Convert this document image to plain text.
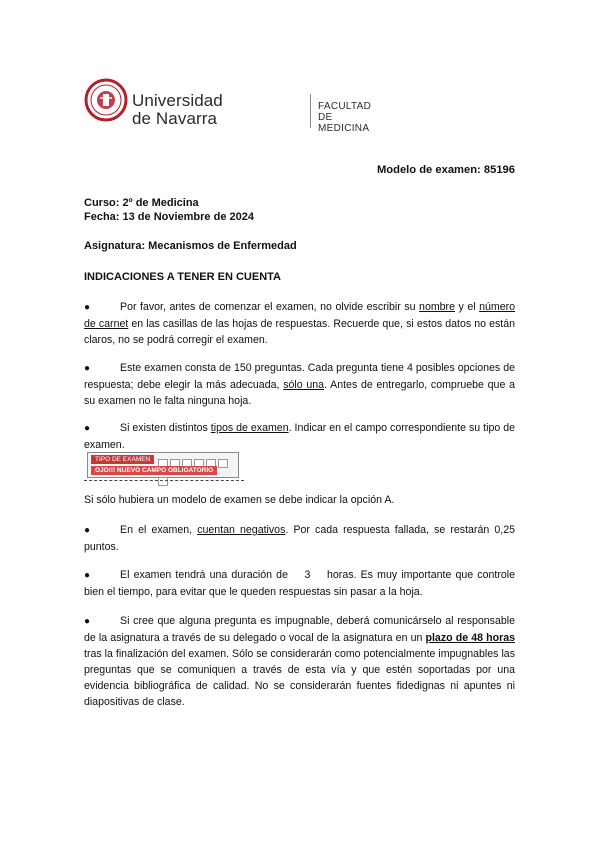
Universidad
de Navarra
FACULTAD DE
MEDICINA
Modelo de examen: 85196
Curso: 2º de Medicina
Fecha: 13 de Noviembre de 2024
Asignatura: Mecanismos de Enfermedad
INDICACIONES A TENER EN CUENTA
●	Por favor, antes de comenzar el examen, no olvide escribir su nombre y el número de carnet en las casillas de las hojas de respuestas. Recuerde que, si estos datos no están claros, no se podrá corregir el examen.
●	Este examen consta de 150 preguntas. Cada pregunta tiene 4 posibles opciones de respuesta; debe elegir la más adecuada, sólo una. Antes de entregarlo, compruebe que a su examen no le falta ninguna hoja.
●	Si existen distintos tipos de examen. Indicar en el campo correspondiente su tipo de examen.
TIPO DE EXAMEN
OJO!!! NUEVO CAMPO OBLIGATORIO
Si sólo hubiera un modelo de examen se debe indicar la opción A.
●	En el examen, cuentan negativos. Por cada respuesta fallada, se restarán 0,25 puntos.
●	El examen tendrá una duración de    3    horas. Es muy importante que controle bien el tiempo, para evitar que le queden respuestas sin pasar a la hoja.
●	Si cree que alguna pregunta es impugnable, deberá comunicárselo al responsable de la asignatura a través de su delegado o vocal de la asignatura en un plazo de 48 horas tras la finalización del examen. Sólo se considerarán como potencialmente impugnables las preguntas que se comuniquen a través de esta vía y que estén soportadas por una evidencia bibliográfica de calidad. No se considerarán fuentes fidedignas ni apuntes ni diapositivas de clase.
